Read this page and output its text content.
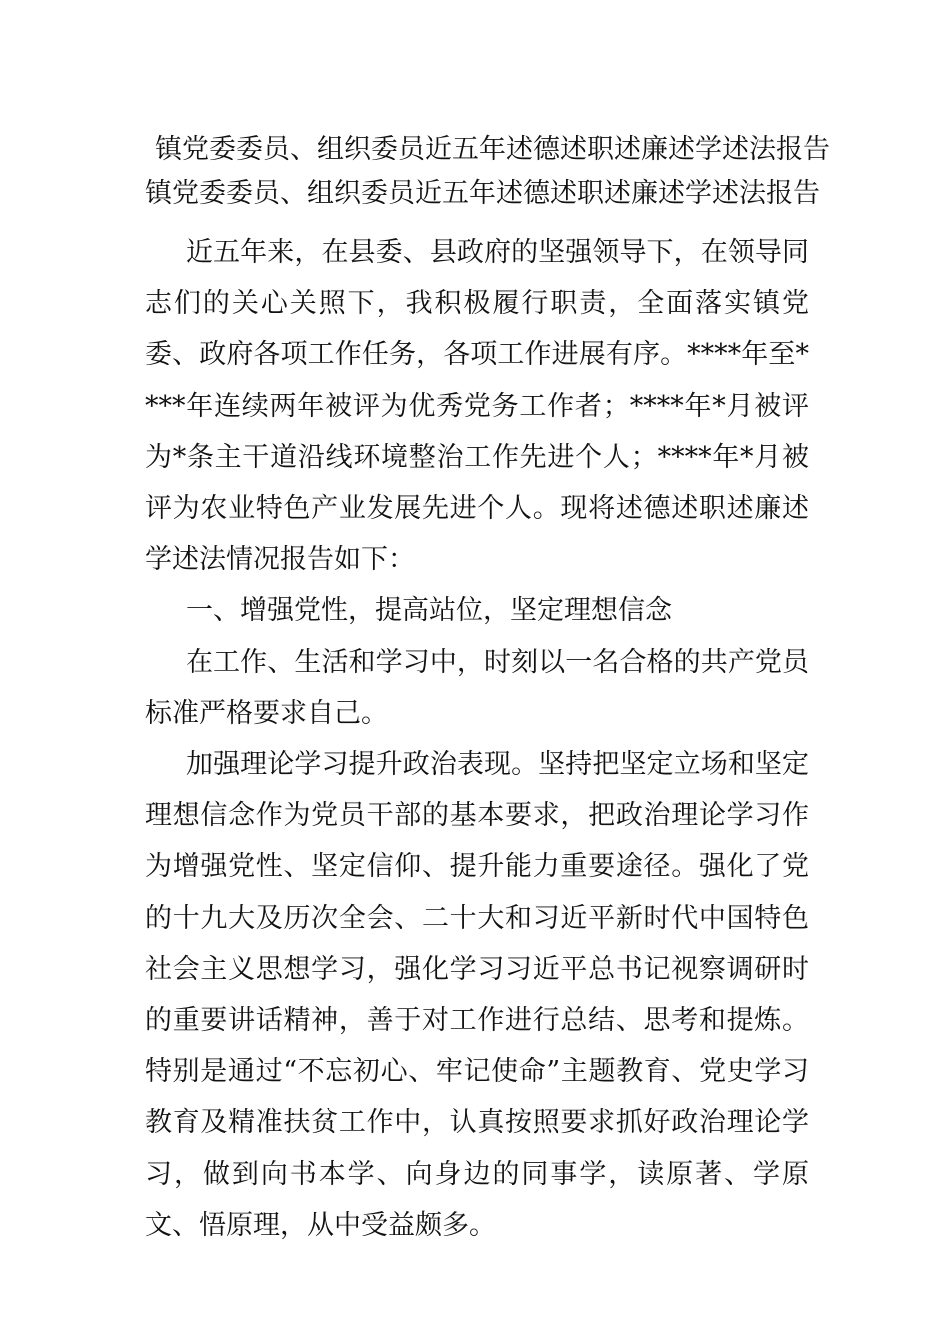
镇党委委员、组织委员近五年述德述职述廉述学述法报告
镇党委委员、组织委员近五年述德述职述廉述学述法报告

近五年来，在县委、县政府的坚强领导下，在领导同志们的关心关照下，我积极履行职责，全面落实镇党委、政府各项工作任务，各项工作进展有序。****年至****年连续两年被评为优秀党务工作者；****年*月被评为*条主干道沿线环境整治工作先进个人；****年*月被评为农业特色产业发展先进个人。现将述德述职述廉述学述法情况报告如下：

一、增强党性，提高站位，坚定理想信念

在工作、生活和学习中，时刻以一名合格的共产党员标准严格要求自己。

加强理论学习提升政治表现。坚持把坚定立场和坚定理想信念作为党员干部的基本要求，把政治理论学习作为增强党性、坚定信仰、提升能力重要途径。强化了党的十九大及历次全会、二十大和习近平新时代中国特色社会主义思想学习，强化学习习近平总书记视察调研时的重要讲话精神，善于对工作进行总结、思考和提炼。特别是通过“不忘初心、牢记使命”主题教育、党史学习教育及精准扶贫工作中，认真按照要求抓好政治理论学习，做到向书本学、向身边的同事学，读原著、学原文、悟原理，从中受益颇多。
